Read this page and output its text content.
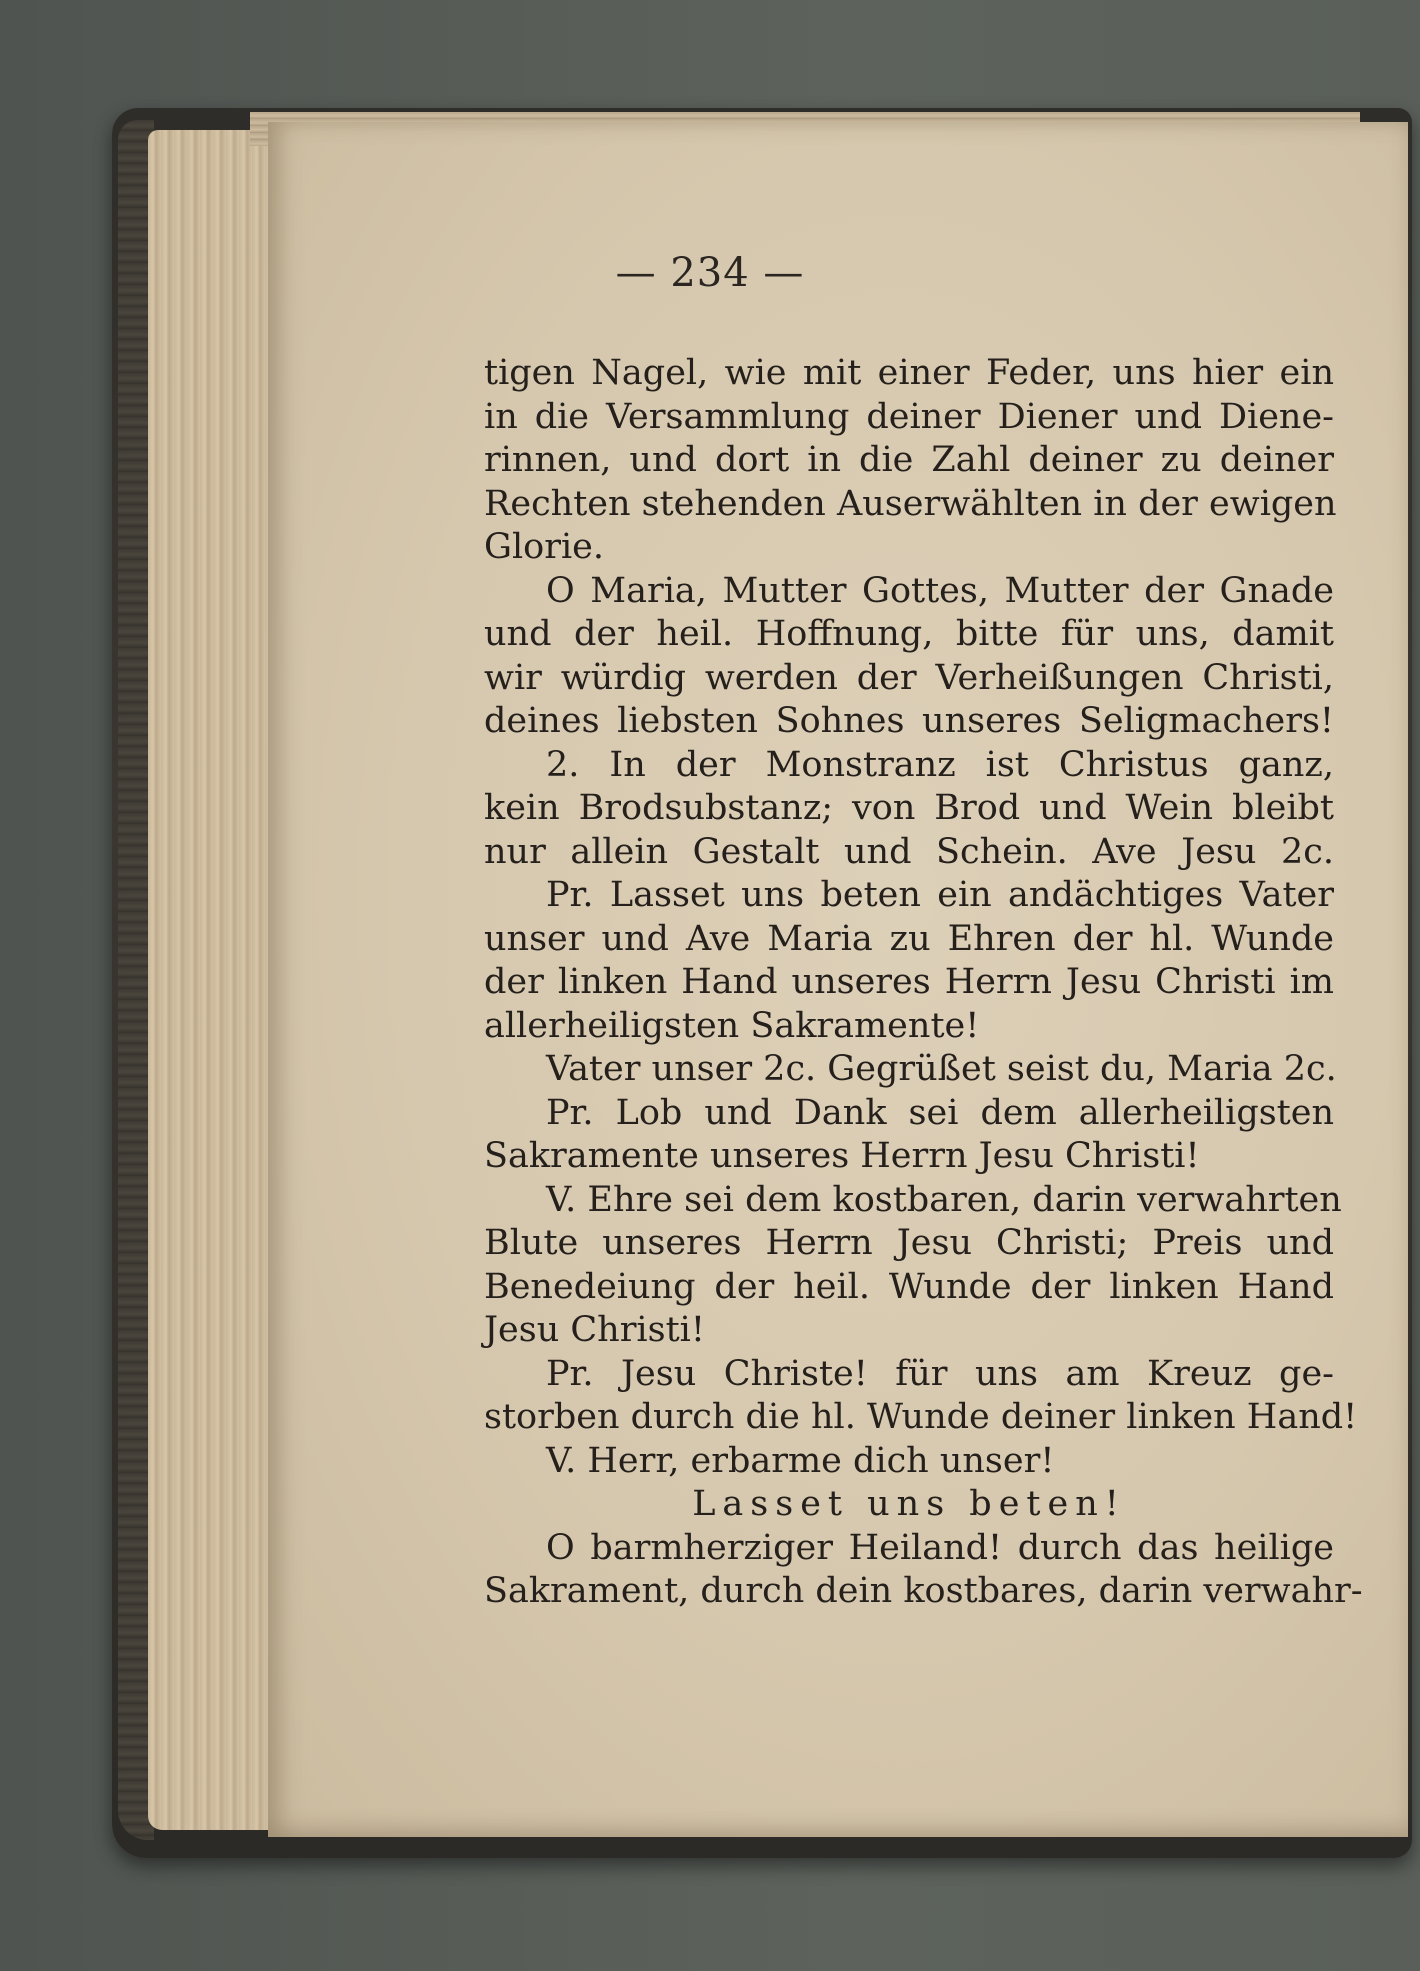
— 234 —
tigen Nagel, wie mit einer Feder, uns hier ein
in die Versammlung deiner Diener und Diene-
rinnen, und dort in die Zahl deiner zu deiner
Rechten stehenden Auserwählten in der ewigen
Glorie.
O Maria, Mutter Gottes, Mutter der Gnade
und der heil. Hoffnung, bitte für uns, damit
wir würdig werden der Verheißungen Christi,
deines liebsten Sohnes unseres Seligmachers!
2. In der Monstranz ist Christus ganz,
kein Brodsubstanz; von Brod und Wein bleibt
nur allein Gestalt und Schein. Ave Jesu 2c.
Pr. Lasset uns beten ein andächtiges Vater
unser und Ave Maria zu Ehren der hl. Wunde
der linken Hand unseres Herrn Jesu Christi im
allerheiligsten Sakramente!
Vater unser 2c. Gegrüßet seist du, Maria 2c.
Pr. Lob und Dank sei dem allerheiligsten
Sakramente unseres Herrn Jesu Christi!
V. Ehre sei dem kostbaren, darin verwahrten
Blute unseres Herrn Jesu Christi; Preis und
Benedeiung der heil. Wunde der linken Hand
Jesu Christi!
Pr. Jesu Christe! für uns am Kreuz ge-
storben durch die hl. Wunde deiner linken Hand!
V. Herr, erbarme dich unser!
Lasset uns beten!
O barmherziger Heiland! durch das heilige
Sakrament, durch dein kostbares, darin verwahr-
